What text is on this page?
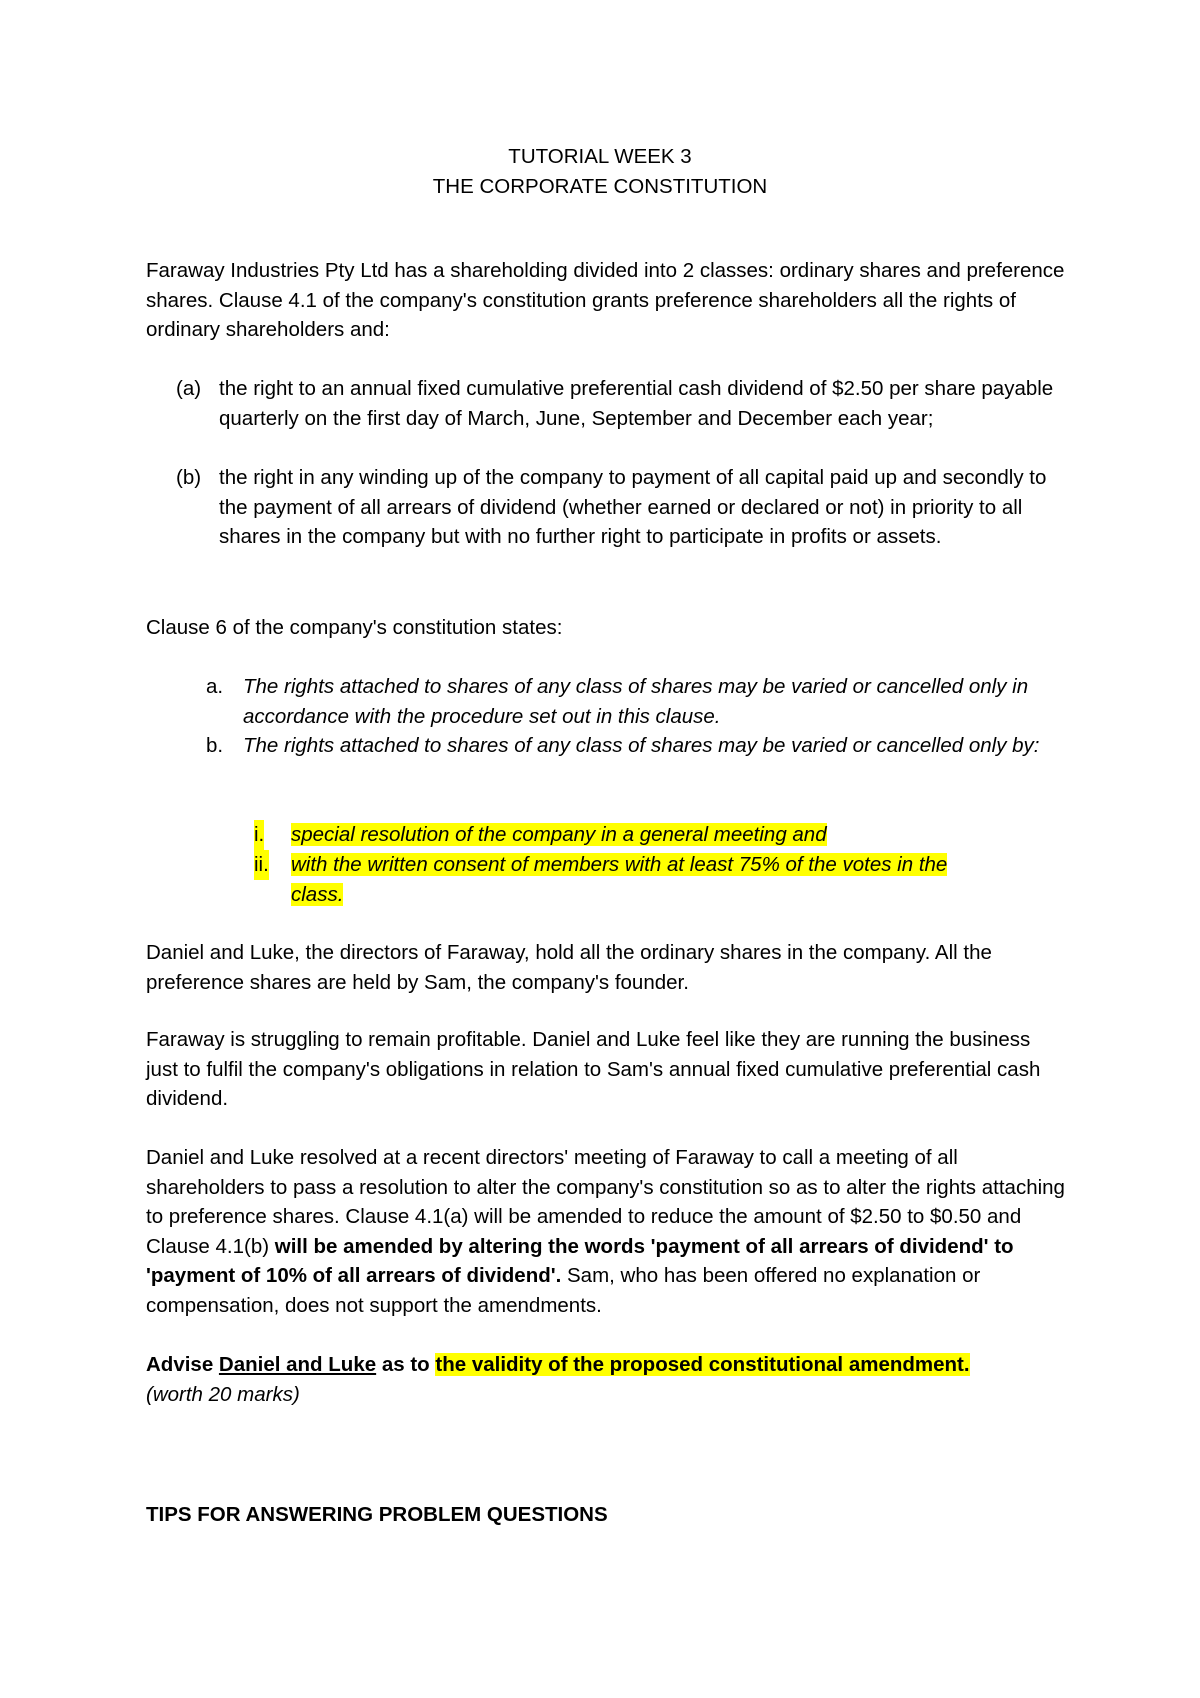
TUTORIAL WEEK 3
THE CORPORATE CONSTITUTION
Faraway Industries Pty Ltd has a shareholding divided into 2 classes: ordinary shares and preference shares. Clause 4.1 of the company's constitution grants preference shareholders all the rights of ordinary shareholders and:
(a) the right to an annual fixed cumulative preferential cash dividend of $2.50 per share payable quarterly on the first day of March, June, September and December each year;
(b) the right in any winding up of the company to payment of all capital paid up and secondly to the payment of all arrears of dividend (whether earned or declared or not) in priority to all shares in the company but with no further right to participate in profits or assets.
Clause 6 of the company's constitution states:
a. The rights attached to shares of any class of shares may be varied or cancelled only in accordance with the procedure set out in this clause.
b. The rights attached to shares of any class of shares may be varied or cancelled only by:
i. special resolution of the company in a general meeting and
ii. with the written consent of members with at least 75% of the votes in the
class.
Daniel and Luke, the directors of Faraway, hold all the ordinary shares in the company. All the preference shares are held by Sam, the company's founder.
Faraway is struggling to remain profitable. Daniel and Luke feel like they are running the business just to fulfil the company's obligations in relation to Sam's annual fixed cumulative preferential cash dividend.
Daniel and Luke resolved at a recent directors' meeting of Faraway to call a meeting of all shareholders to pass a resolution to alter the company's constitution so as to alter the rights attaching to preference shares. Clause 4.1(a) will be amended to reduce the amount of $2.50 to $0.50 and Clause 4.1(b) will be amended by altering the words 'payment of all arrears of dividend' to 'payment of 10% of all arrears of dividend'. Sam, who has been offered no explanation or compensation, does not support the amendments.
Advise Daniel and Luke as to the validity of the proposed constitutional amendment.
(worth 20 marks)
TIPS FOR ANSWERING PROBLEM QUESTIONS
